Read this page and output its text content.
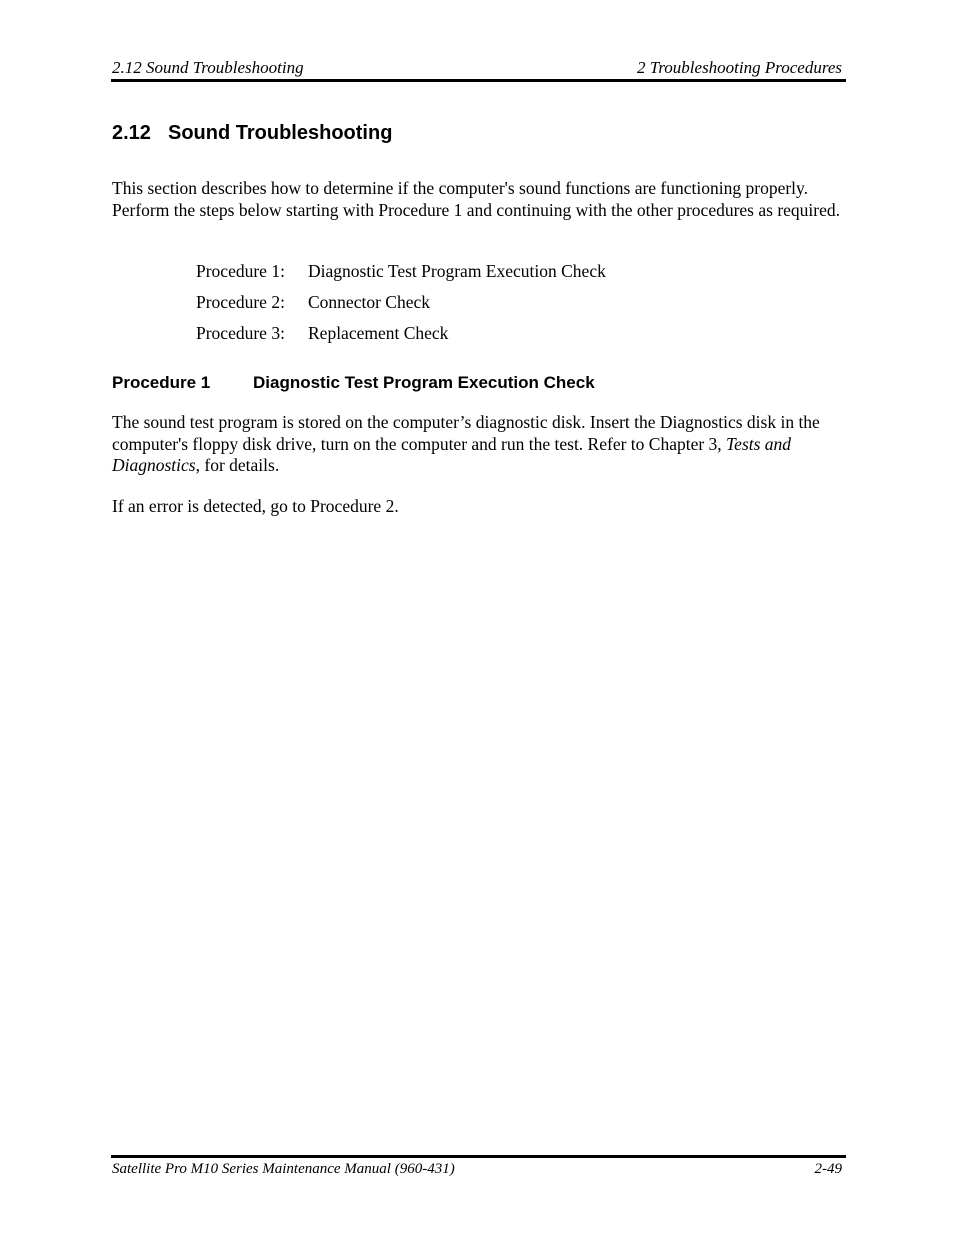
2.12 Sound Troubleshooting	2 Troubleshooting Procedures
2.12 Sound Troubleshooting

This section describes how to determine if the computer's sound functions are functioning properly. Perform the steps below starting with Procedure 1 and continuing with the other procedures as required.

Procedure 1: Diagnostic Test Program Execution Check
Procedure 2: Connector Check
Procedure 3: Replacement Check
Procedure 1	Diagnostic Test Program Execution Check

The sound test program is stored on the computer’s diagnostic disk. Insert the Diagnostics disk in the computer's floppy disk drive, turn on the computer and run the test. Refer to Chapter 3, Tests and Diagnostics, for details.

If an error is detected, go to Procedure 2.

Satellite Pro M10 Series Maintenance Manual (960-431)	2-49
